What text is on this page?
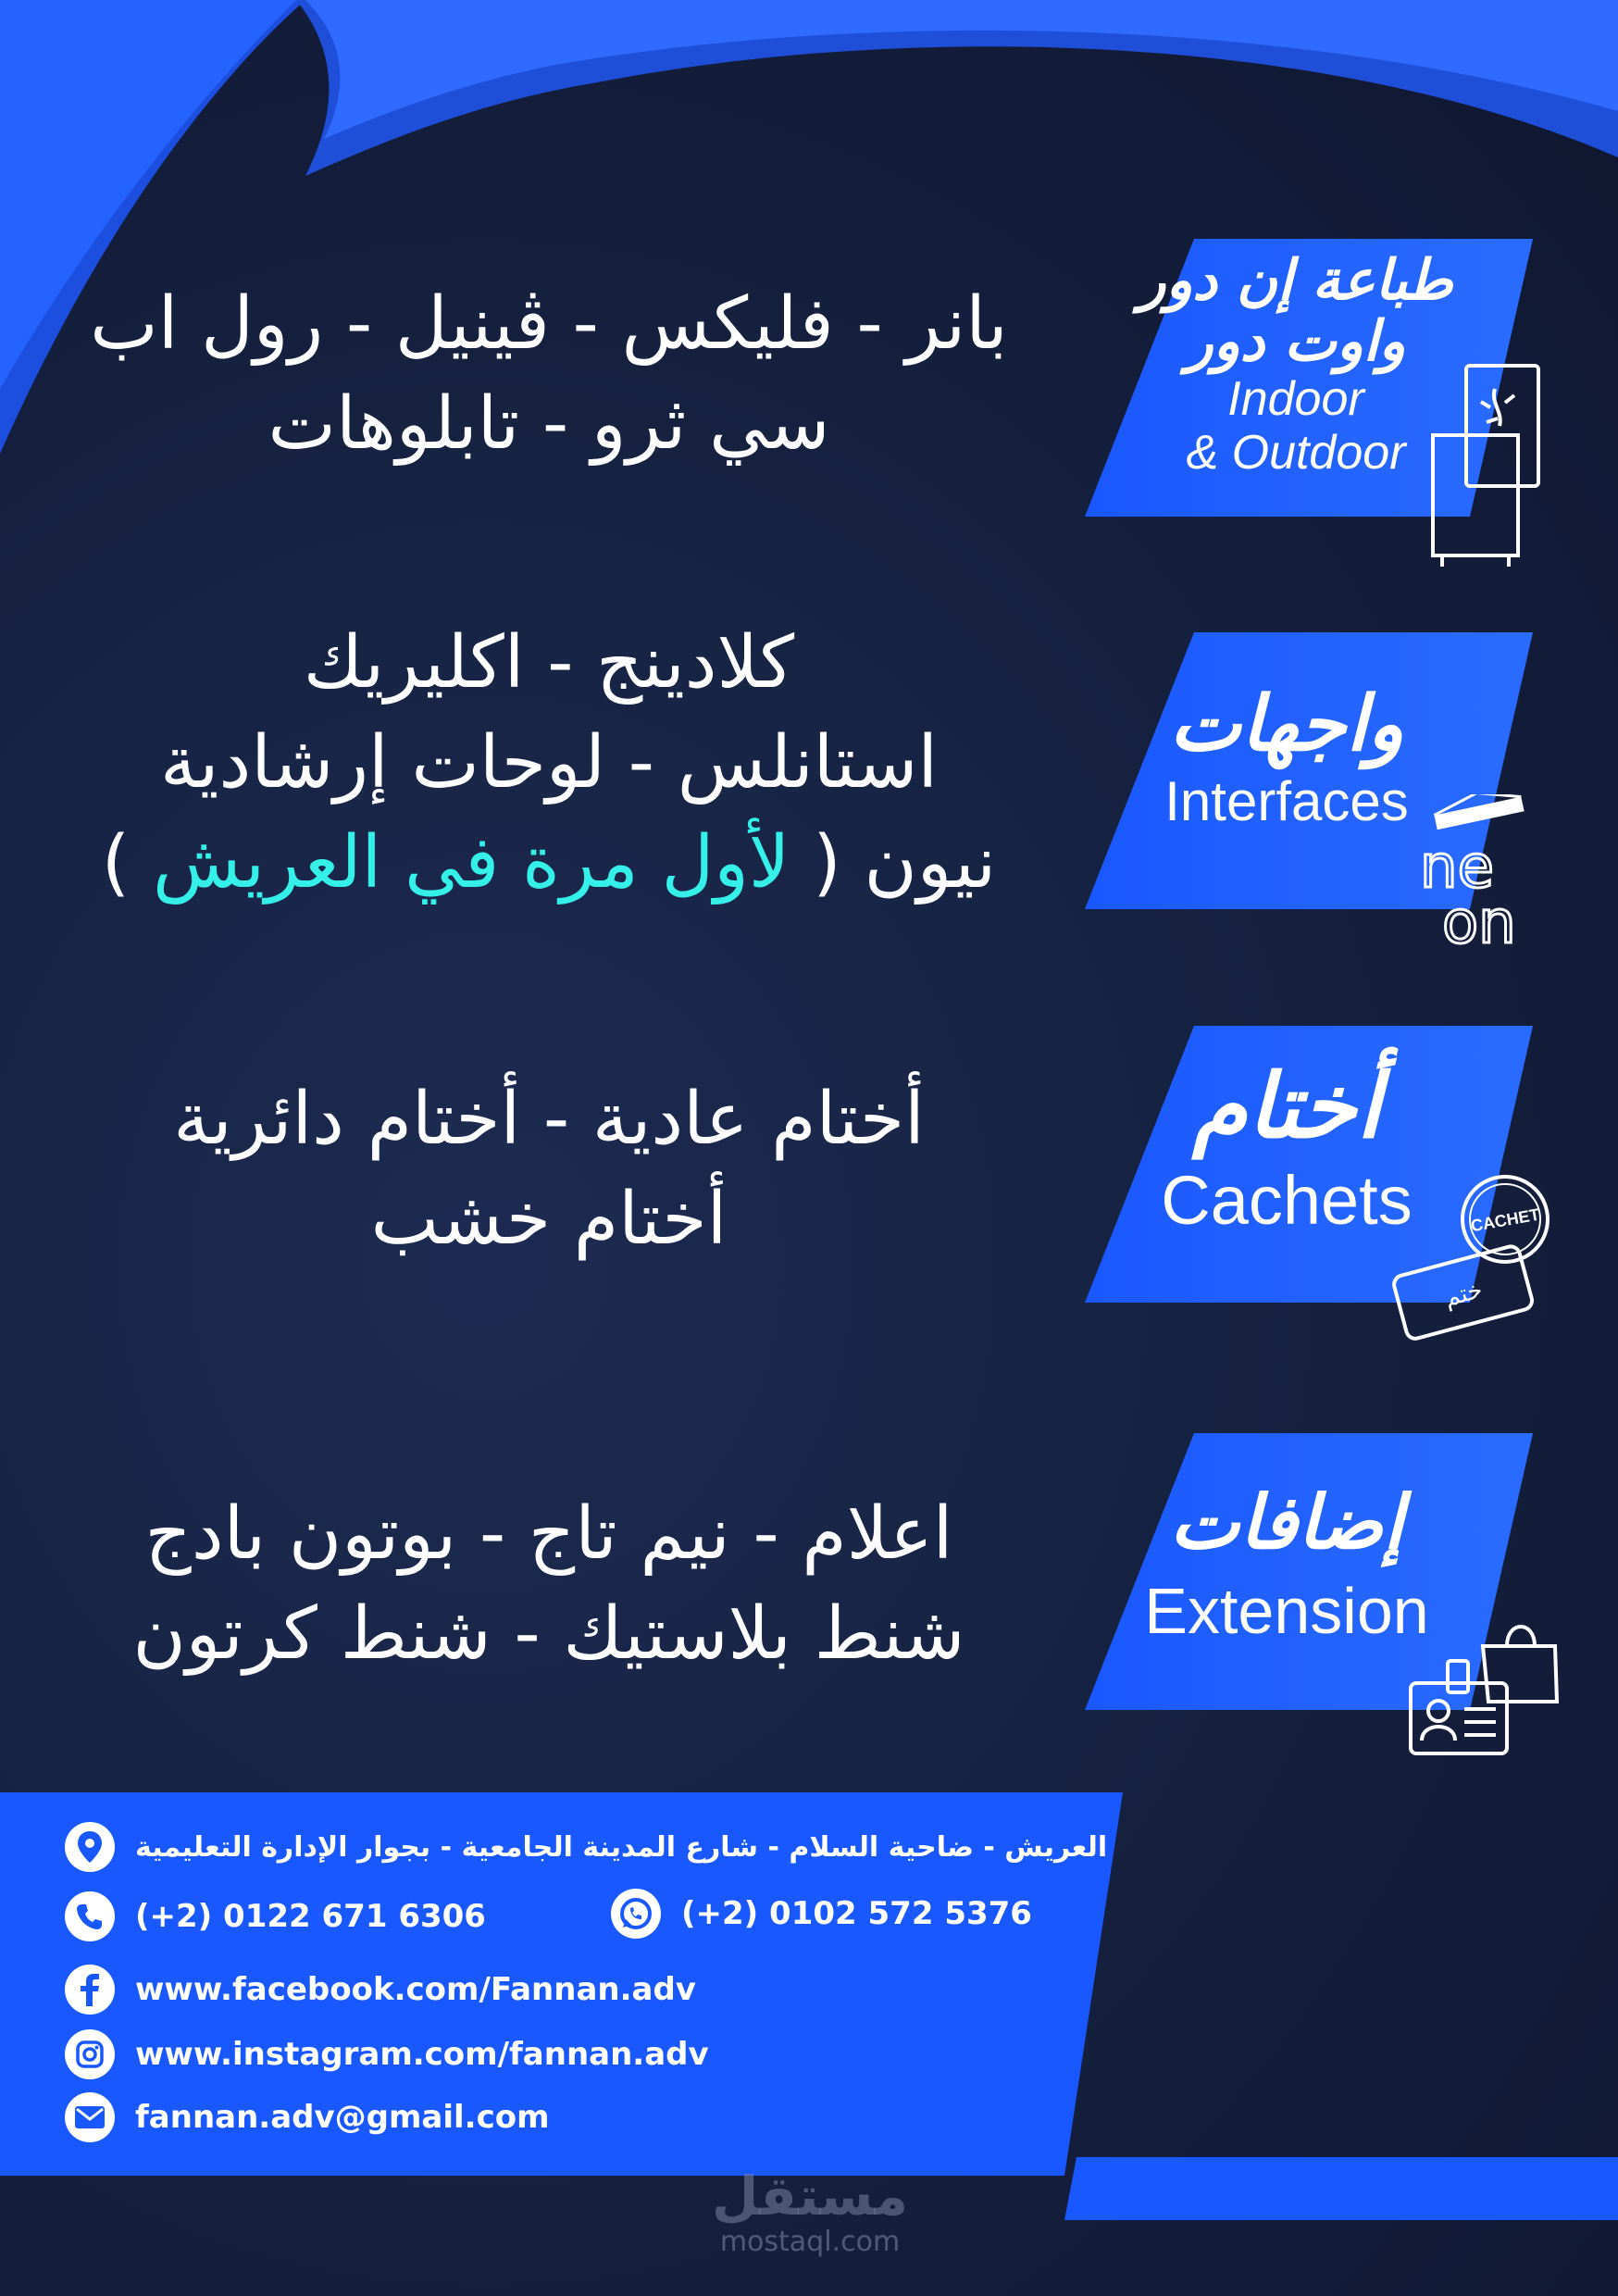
بانر - فليكس - ڤينيل - رول اب
سي ثرو - تابلوهات
كلادينج - اكليريك
استانلس - لوحات إرشادية
نيون ( لأول مرة في العريش )
أختام عادية - أختام دائرية
أختام خشب
اعلام - نيم تاج - بوتون بادج
شنط بلاستيك - شنط كرتون
طباعة إن دور
واوت دور
Indoor
& Outdoor
واجهات
Interfaces
أختام
Cachets
إضافات
Extension
ne
on
CACHET
ختم
العريش - ضاحية السلام - شارع المدينة الجامعية - بجوار الإدارة التعليمية
(+2) 0122 671 6306	(+2) 0102 572 5376
www.facebook.com/Fannan.adv
www.instagram.com/fannan.adv
fannan.adv@gmail.com
مستقل
mostaql.com
